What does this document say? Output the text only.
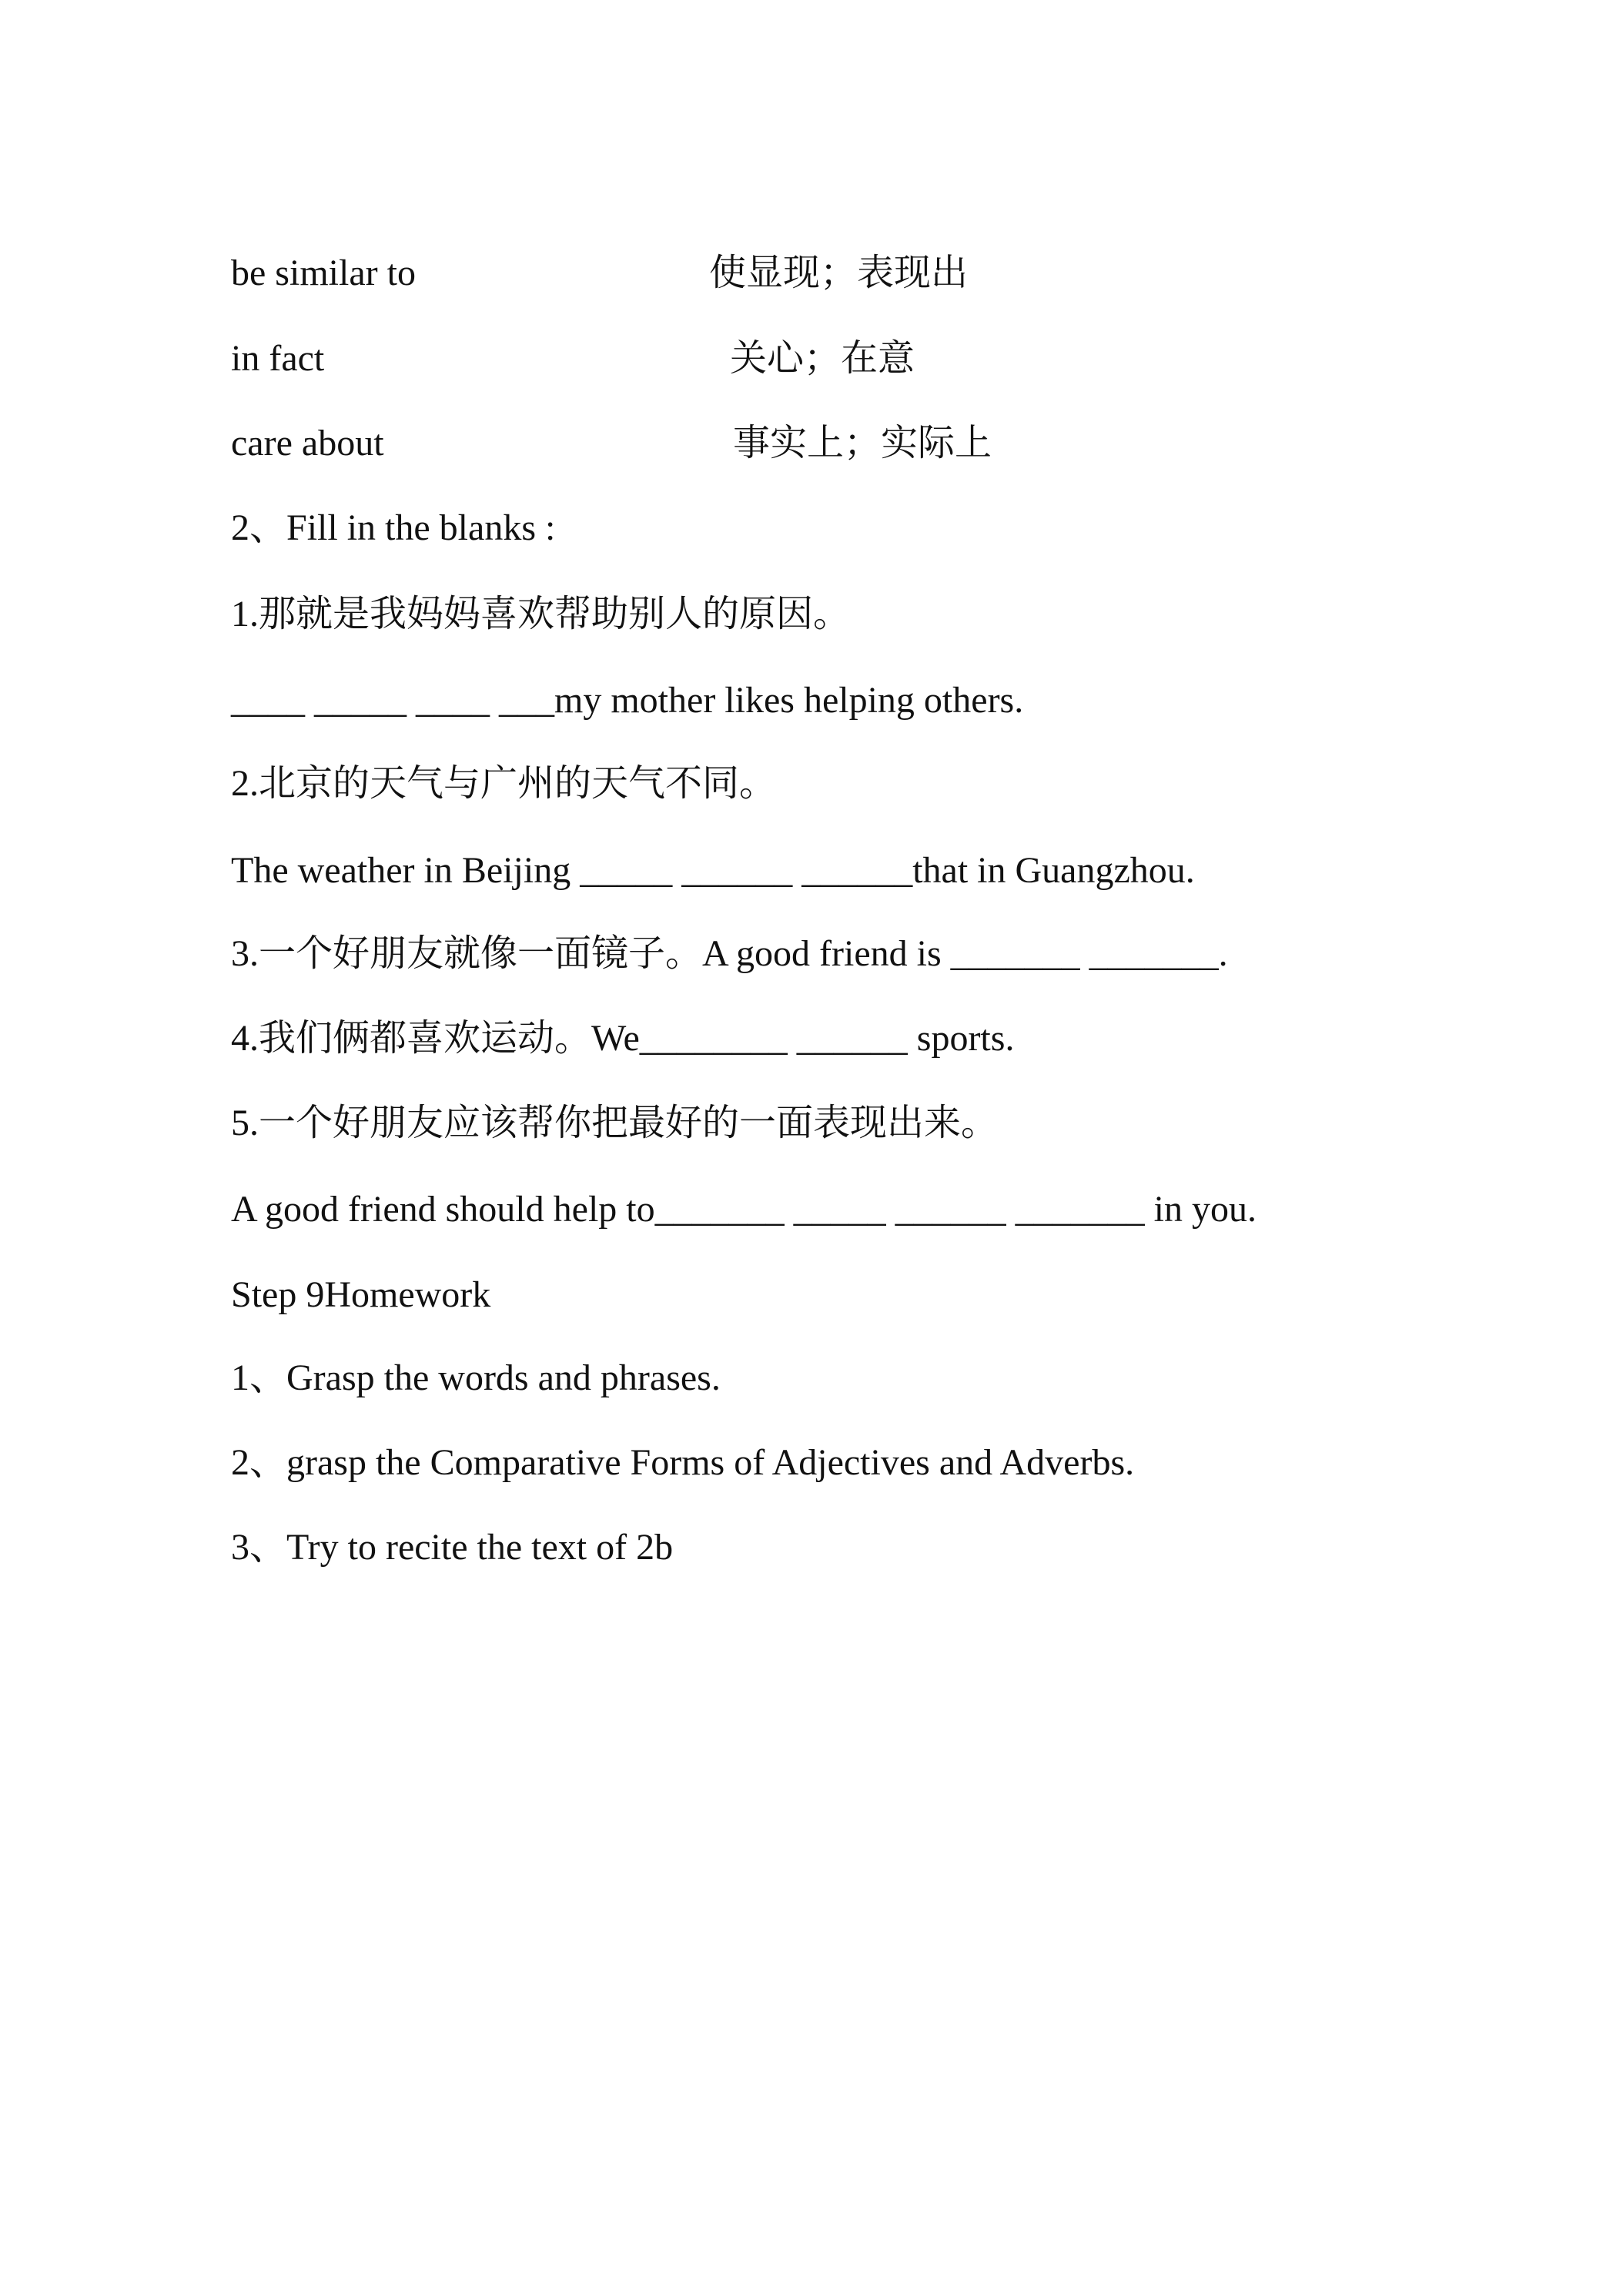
be similar to	使显现；表现出
in fact	关心；在意
care about	事实上；实际上
2、Fill in the blanks :
1.那就是我妈妈喜欢帮助别人的原因。
____ _____ ____ ___my mother likes helping others.
2.北京的天气与广州的天气不同。
The weather in Beijing _____ ______ ______that in Guangzhou.
3.一个好朋友就像一面镜子。A good friend is _______ _______.
4.我们俩都喜欢运动。We________ ______ sports.
5.一个好朋友应该帮你把最好的一面表现出来。
A good friend should help to_______ _____ ______ _______ in you.
Step 9Homework
1、Grasp the words and phrases.
2、grasp the Comparative Forms of Adjectives and Adverbs.
3、Try to recite the text of 2b
